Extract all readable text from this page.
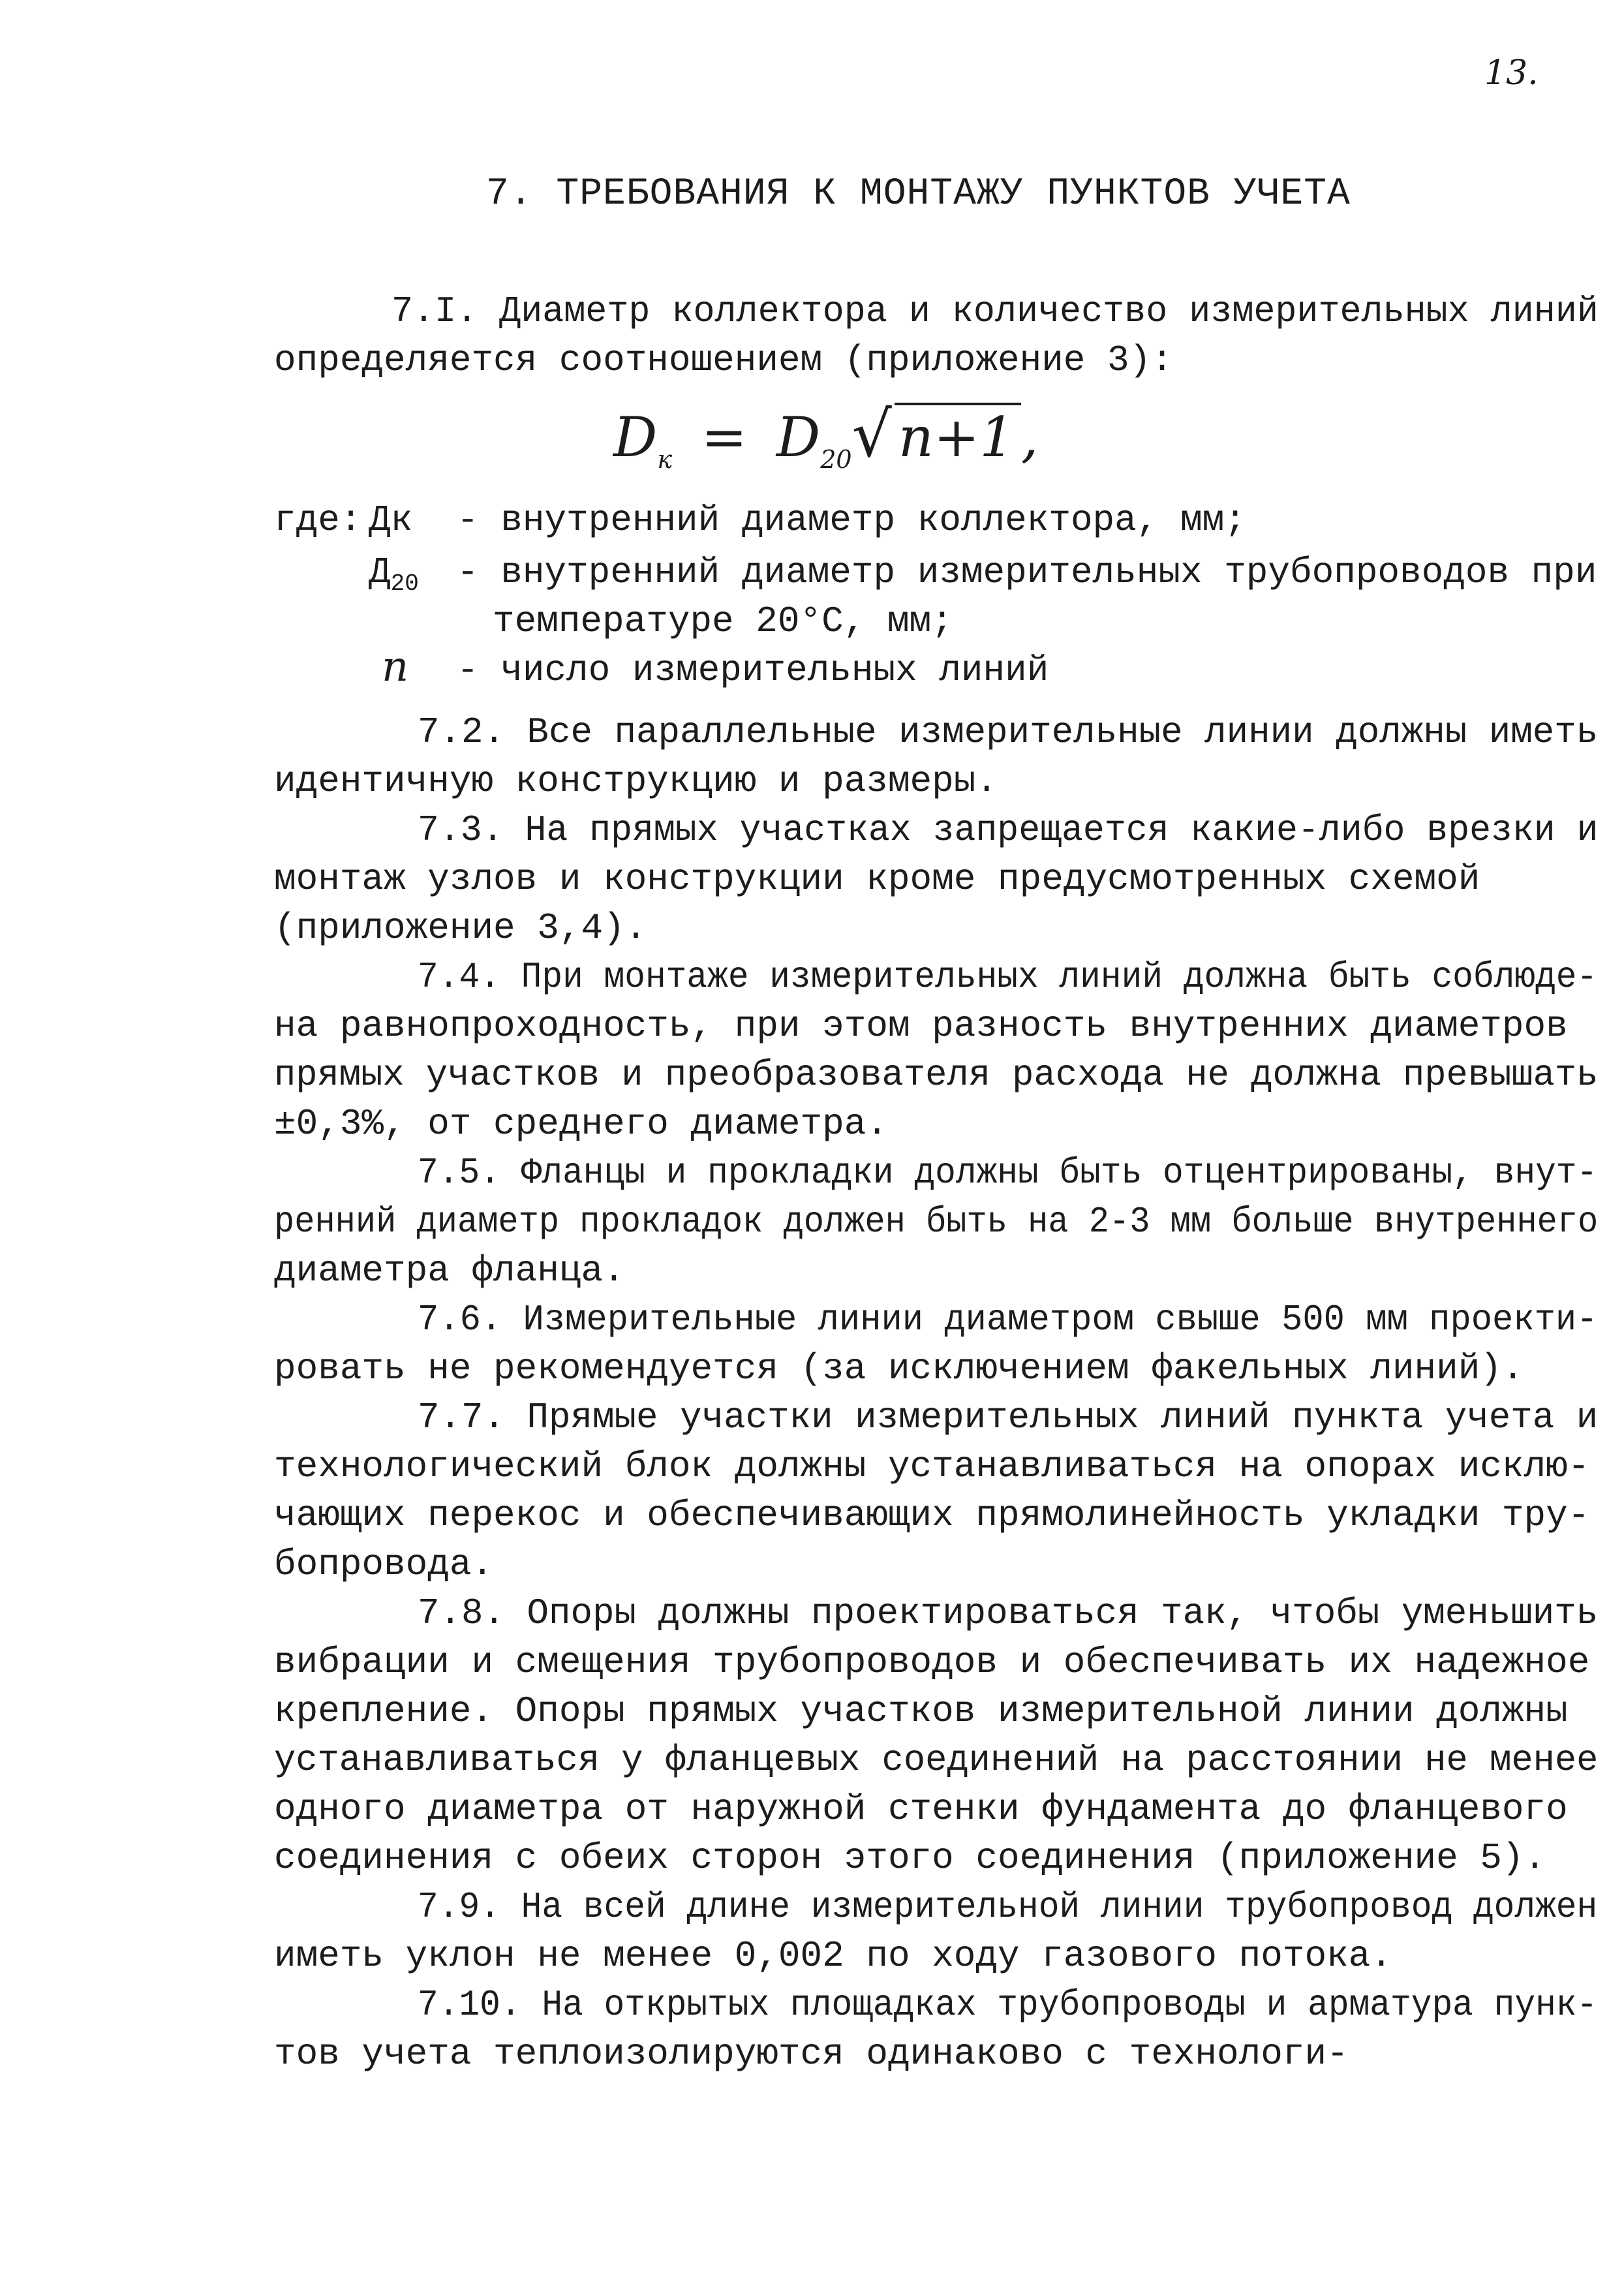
13.
7. ТРЕБОВАНИЯ К МОНТАЖУ ПУНКТОВ УЧЕТА
7.I. Диаметр коллектора и количество измерительных линий
определяется соотношением (приложение 3):
$D_к = D_{20}√$ n+1 ,
где: Дк - внутренний диаметр коллектора, мм;
$Д_{20}$ - внутренний диаметр измерительных трубопроводов при
температуре 20°С, мм;
n - число измерительных линий
7.2. Все параллельные измерительные линии должны иметь
идентичную конструкцию и размеры.
7.3. На прямых участках запрещается какие-либо врезки и
монтаж узлов и конструкции кроме предусмотренных схемой
(приложение 3,4).
7.4. При монтаже измерительных линий должна быть соблюде-
на равнопроходность, при этом разность внутренних диаметров
прямых участков и преобразователя расхода не должна превышать
±0,3%, от среднего диаметра.
7.5. Фланцы и прокладки должны быть отцентрированы, внут-
ренний диаметр прокладок должен быть на 2-3 мм больше внутреннего
диаметра фланца.
7.6. Измерительные линии диаметром свыше 500 мм проекти-
ровать не рекомендуется (за исключением факельных линий).
7.7. Прямые участки измерительных линий пункта учета и
технологический блок должны устанавливаться на опорах исклю-
чающих перекос и обеспечивающих прямолинейность укладки тру-
бопровода.
7.8. Опоры должны проектироваться так, чтобы уменьшить
вибрации и смещения трубопроводов и обеспечивать их надежное
крепление. Опоры прямых участков измерительной линии должны
устанавливаться у фланцевых соединений на расстоянии не менее
одного диаметра от наружной стенки фундамента до фланцевого
соединения с обеих сторон этого соединения (приложение 5).
7.9. На всей длине измерительной линии трубопровод должен
иметь уклон не менее 0,002 по ходу газового потока.
7.10. На открытых площадках трубопроводы и арматура пунк-
тов учета теплоизолируются одинаково с технологи-
